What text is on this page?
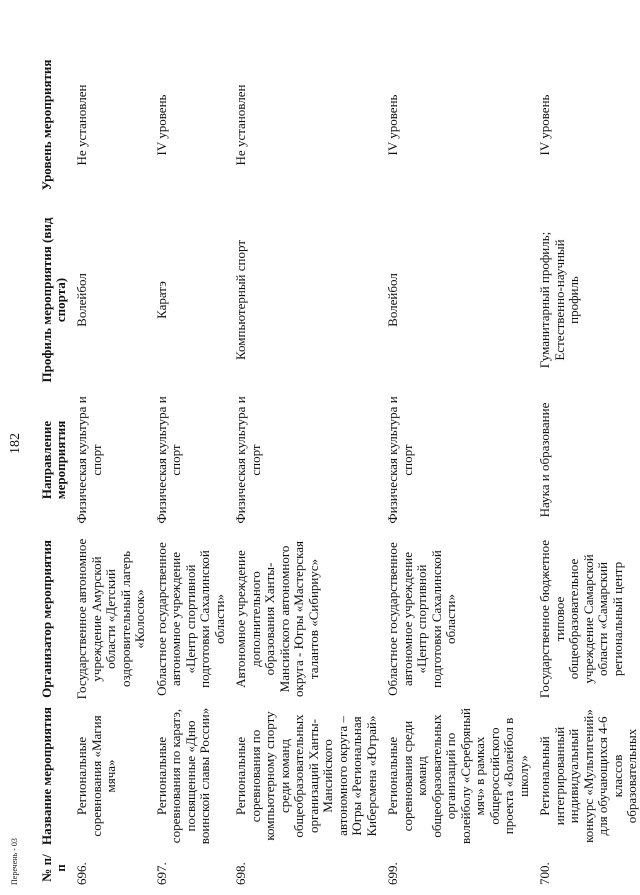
182
Перечень - 03 № п/п	Название мероприятия	Организатор мероприятия	Направление мероприятия	Профиль мероприятия (вид спорта)	Уровень мероприятия
696.	Региональные соревнования «Магия мяча»	Государственное автономное учреждение Амурской области «Детский оздоровительный лагерь «Колосок»	Физическая культура и спорт	Волейбол	Не установлен
697.	Региональные соревнования по каратэ, посвященные «Дню воинской славы России»	Областное государственное автономное учреждение «Центр спортивной подготовки Сахалинской области»	Физическая культура и спорт	Каратэ	IV уровень
698.	Региональные соревнования по компьютерному спорту среди команд общеобразовательных организаций Ханты-Мансийского автономного округа – Югры «Региональная Киберсмена «Юграй»	Автономное учреждение дополнительного образования Ханты-Мансийского автономного округа - Югры «Мастерская талантов «Сибириус»	Физическая культура и спорт	Компьютерный спорт	Не установлен
699.	Региональные соревнования среди команд общеобразовательных организаций по волейболу «Серебряный мяч» в рамках общероссийского проекта «Волейбол в школу»	Областное государственное автономное учреждение «Центр спортивной подготовки Сахалинской области»	Физическая культура и спорт	Волейбол	IV уровень
700.	Региональный интегрированный индивидуальный конкурс «Мультигений» для обучающихся 4-6 классов образовательных	Государственное бюджетное типовое общеобразовательное учреждение Самарской области «Самарский региональный центр	Наука и образование	Гуманитарный профиль; Естественно-научный профиль	IV уровень
